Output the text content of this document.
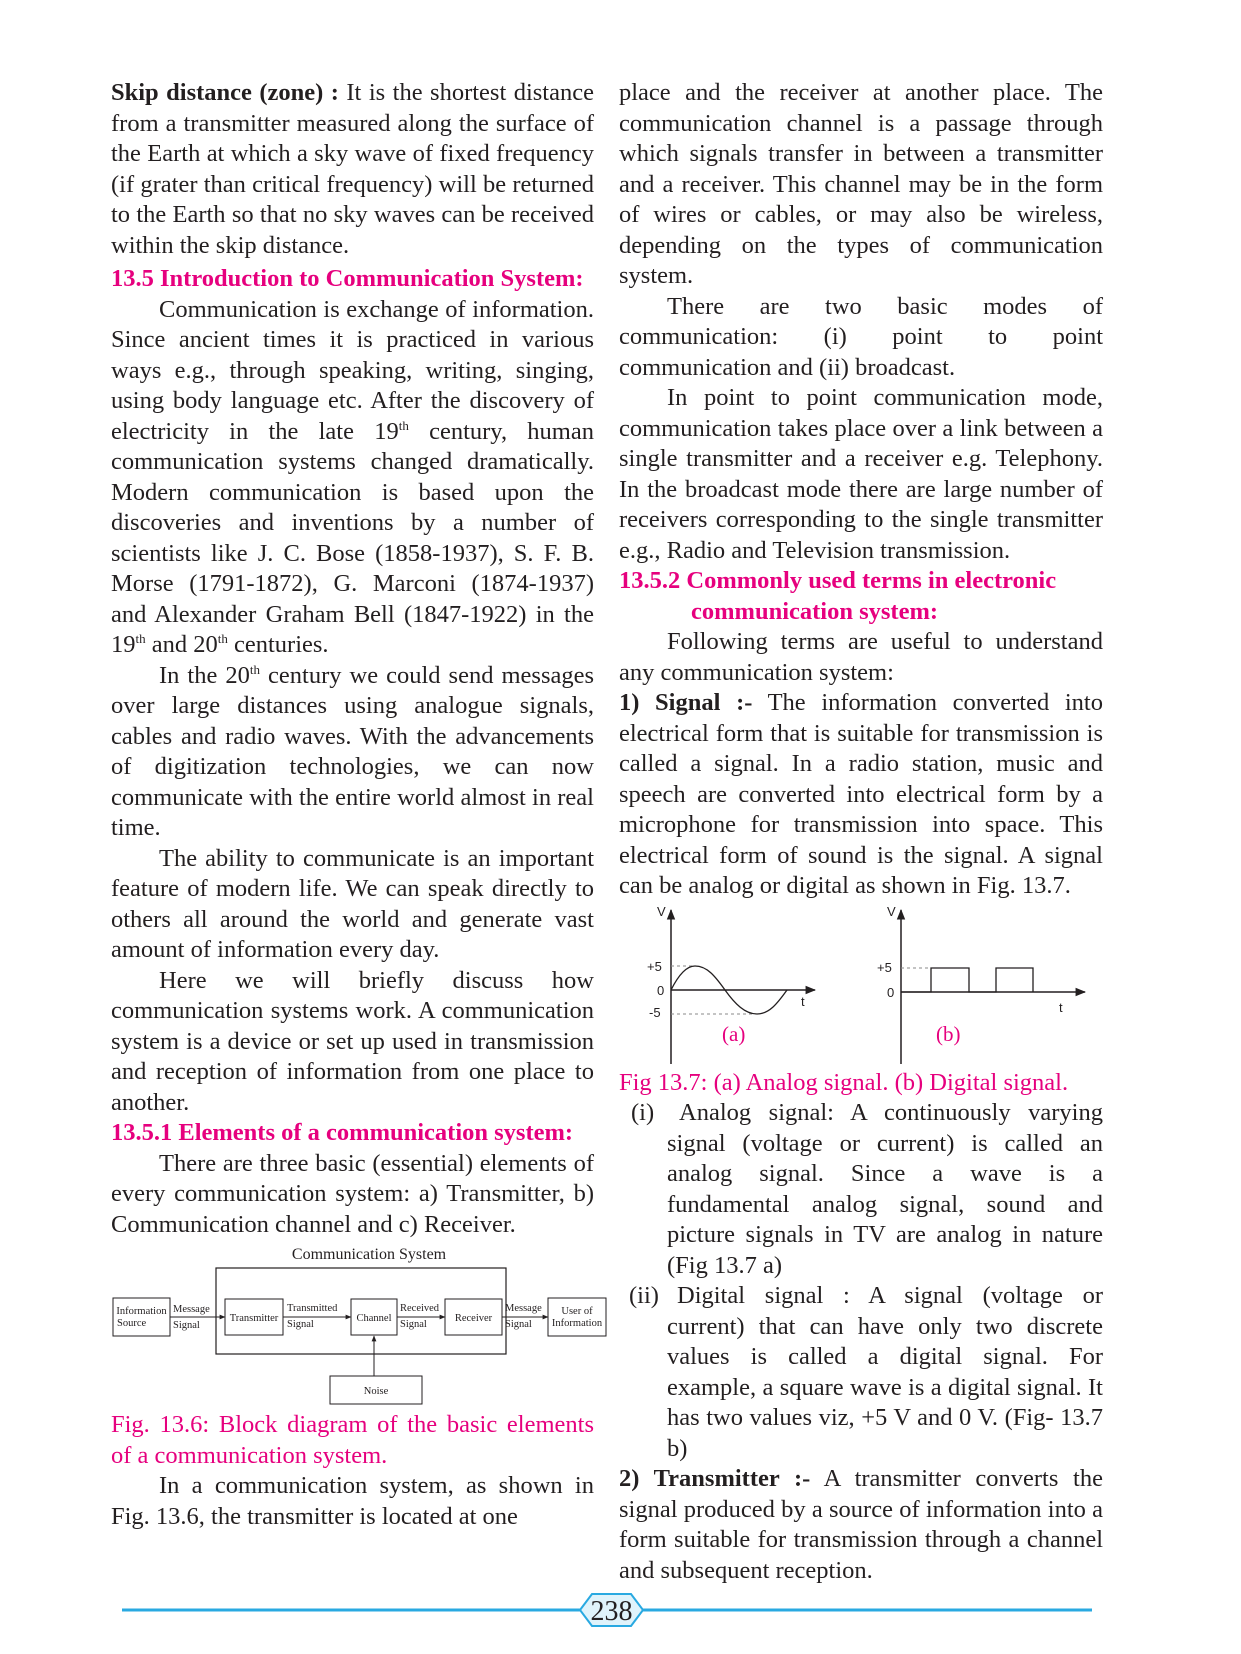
Skip distance (zone) : It is the shortest distance from a transmitter measured along the surface of the Earth at which a sky wave of fixed frequency (if grater than critical frequency) will be returned to the Earth so that no sky waves can be received within the skip distance.

13.5 Introduction to Communication System:

Communication is exchange of information. Since ancient times it is practiced in various ways e.g., through speaking, writing, singing, using body language etc. After the discovery of electricity in the late 19th century, human communication systems changed dramatically. Modern communication is based upon the discoveries and inventions by a number of scientists like J. C. Bose (1858-1937), S. F. B. Morse (1791-1872), G. Marconi (1874-1937) and Alexander Graham Bell (1847-1922) in the 19th and 20th centuries.

In the 20th century we could send messages over large distances using analogue signals, cables and radio waves. With the advancements of digitization technologies, we can now communicate with the entire world almost in real time.

The ability to communicate is an important feature of modern life. We can speak directly to others all around the world and generate vast amount of information every day.

Here we will briefly discuss how communication systems work. A communication system is a device or set up used in transmission and reception of information from one place to another.

13.5.1 Elements of a communication system:

There are three basic (essential) elements of every communication system: a) Transmitter, b) Communication channel and c) Receiver.

Communication System
Information
Source
Message
Signal
Transmitter
Transmitted
Signal
Channel
Received
Signal
Receiver
Message
Signal
User of
Information
Noise

Fig. 13.6: Block diagram of the basic elements of a communication system.

In a communication system, as shown in Fig. 13.6, the transmitter is located at one

place and the receiver at another place. The communication channel is a passage through which signals transfer in between a transmitter and a receiver. This channel may be in the form of wires or cables, or may also be wireless, depending on the types of communication system.

There are two basic modes of communication: (i) point to point communication and (ii) broadcast.

In point to point communication mode, communication takes place over a link between a single transmitter and a receiver e.g. Telephony. In the broadcast mode there are large number of receivers corresponding to the single transmitter e.g., Radio and Television transmission.

13.5.2 Commonly used terms in electronic
communication system:

Following terms are useful to understand any communication system:

1) Signal :- The information converted into electrical form that is suitable for transmission is called a signal. In a radio station, music and speech are converted into electrical form by a microphone for transmission into space. This electrical form of sound is the signal. A signal can be analog or digital as shown in Fig. 13.7.

V
t
+5
0
-5
(a)
V
t
+5
0
(b)

Fig 13.7: (a) Analog signal. (b) Digital signal.

(i) Analog signal: A continuously varying signal (voltage or current) is called an analog signal. Since a wave is a fundamental analog signal, sound and picture signals in TV are analog in nature (Fig 13.7 a)

(ii) Digital signal : A signal (voltage or current) that can have only two discrete values is called a digital signal. For example, a square wave is a digital signal. It has two values viz, +5 V and 0 V. (Fig- 13.7 b)

2) Transmitter :- A transmitter converts the signal produced by a source of information into a form suitable for transmission through a channel and subsequent reception.

238
